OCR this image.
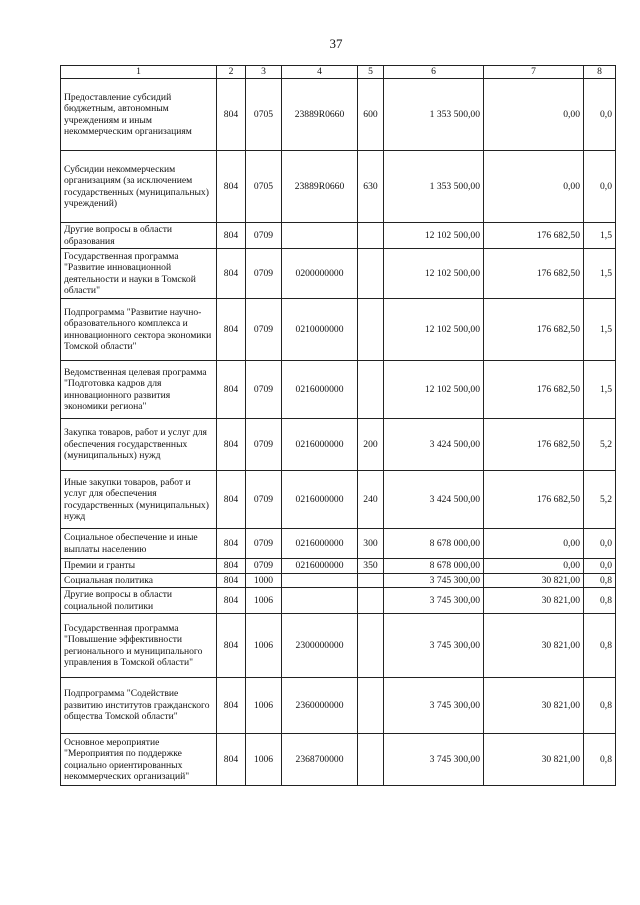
37
1	2	3	4	5	6	7	8
Предоставление субсидий бюджетным, автономным учреждениям и иным некоммерческим организациям	804	0705	23889R0660	600	1 353 500,00	0,00	0,0
Субсидии некоммерческим организациям (за исключением государственных (муниципальных) учреждений)	804	0705	23889R0660	630	1 353 500,00	0,00	0,0
Другие вопросы в области образования	804	0709			12 102 500,00	176 682,50	1,5
Государственная программа "Развитие инновационной деятельности и науки в Томской области"	804	0709	0200000000		12 102 500,00	176 682,50	1,5
Подпрограмма "Развитие научно-образовательного комплекса и инновационного сектора экономики Томской области"	804	0709	0210000000		12 102 500,00	176 682,50	1,5
Ведомственная целевая программа "Подготовка кадров для инновационного развития экономики региона"	804	0709	0216000000		12 102 500,00	176 682,50	1,5
Закупка товаров, работ и услуг для обеспечения государственных (муниципальных) нужд	804	0709	0216000000	200	3 424 500,00	176 682,50	5,2
Иные закупки товаров, работ и услуг для обеспечения государственных (муниципальных) нужд	804	0709	0216000000	240	3 424 500,00	176 682,50	5,2
Социальное обеспечение и иные выплаты населению	804	0709	0216000000	300	8 678 000,00	0,00	0,0
Премии и гранты	804	0709	0216000000	350	8 678 000,00	0,00	0,0
Социальная политика	804	1000			3 745 300,00	30 821,00	0,8
Другие вопросы в области социальной политики	804	1006			3 745 300,00	30 821,00	0,8
Государственная программа "Повышение эффективности регионального и муниципального управления в Томской области"	804	1006	2300000000		3 745 300,00	30 821,00	0,8
Подпрограмма "Содействие развитию институтов гражданского общества Томской области"	804	1006	2360000000		3 745 300,00	30 821,00	0,8
Основное мероприятие "Мероприятия по поддержке социально ориентированных некоммерческих организаций"	804	1006	2368700000		3 745 300,00	30 821,00	0,8
